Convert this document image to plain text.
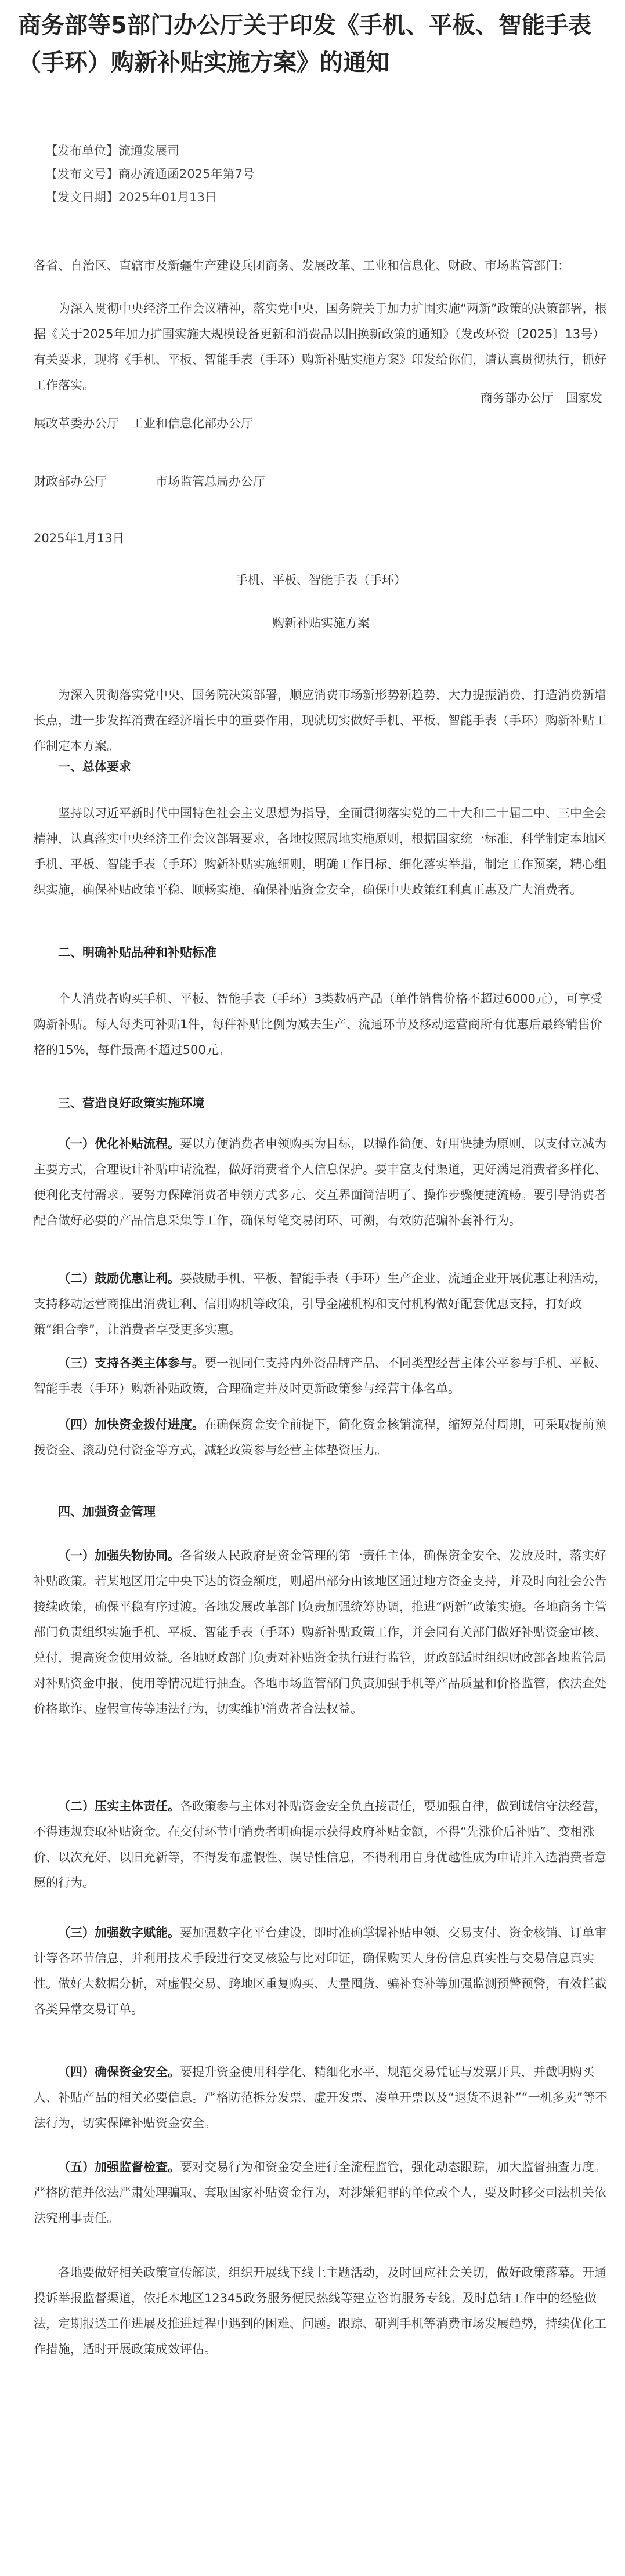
商务部等5部门办公厅关于印发《手机、平板、智能手表（手环）购新补贴实施方案》的通知
【发布单位】流通发展司
【发布文号】商办流通函2025年第7号
【发文日期】2025年01月13日

各省、自治区、直辖市及新疆生产建设兵团商务、发展改革、工业和信息化、财政、市场监管部门：

为深入贯彻中央经济工作会议精神，落实党中央、国务院关于加力扩围实施“两新”政策的决策部署，根据《关于2025年加力扩围实施大规模设备更新和消费品以旧换新政策的通知》（发改环资〔2025〕13号）有关要求，现将《手机、平板、智能手表（手环）购新补贴实施方案》印发给你们，请认真贯彻执行，抓好工作落实。

商务部办公厅　国家发

展改革委办公厅　工业和信息化部办公厅

财政部办公厅　　　　市场监管总局办公厅

2025年1月13日

手机、平板、智能手表（手环）

购新补贴实施方案

为深入贯彻落实党中央、国务院决策部署，顺应消费市场新形势新趋势，大力提振消费，打造消费新增长点，进一步发挥消费在经济增长中的重要作用，现就切实做好手机、平板、智能手表（手环）购新补贴工作制定本方案。

一、总体要求

坚持以习近平新时代中国特色社会主义思想为指导，全面贯彻落实党的二十大和二十届二中、三中全会精神，认真落实中央经济工作会议部署要求，各地按照属地实施原则，根据国家统一标准，科学制定本地区手机、平板、智能手表（手环）购新补贴实施细则，明确工作目标、细化落实举措，制定工作预案，精心组织实施，确保补贴政策平稳、顺畅实施，确保补贴资金安全，确保中央政策红利真正惠及广大消费者。

二、明确补贴品种和补贴标准

个人消费者购买手机、平板、智能手表（手环）3类数码产品（单件销售价格不超过6000元），可享受购新补贴。每人每类可补贴1件，每件补贴比例为减去生产、流通环节及移动运营商所有优惠后最终销售价格的15%，每件最高不超过500元。

三、营造良好政策实施环境

（一）优化补贴流程。要以方便消费者申领购买为目标，以操作简便、好用快捷为原则，以支付立减为主要方式，合理设计补贴申请流程，做好消费者个人信息保护。要丰富支付渠道，更好满足消费者多样化、便利化支付需求。要努力保障消费者申领方式多元、交互界面简洁明了、操作步骤便捷流畅。要引导消费者配合做好必要的产品信息采集等工作，确保每笔交易闭环、可溯，有效防范骗补套补行为。

（二）鼓励优惠让利。要鼓励手机、平板、智能手表（手环）生产企业、流通企业开展优惠让利活动，支持移动运营商推出消费让利、信用购机等政策，引导金融机构和支付机构做好配套优惠支持，打好政策“组合拳”，让消费者享受更多实惠。

（三）支持各类主体参与。要一视同仁支持内外资品牌产品、不同类型经营主体公平参与手机、平板、智能手表（手环）购新补贴政策，合理确定并及时更新政策参与经营主体名单。

（四）加快资金拨付进度。在确保资金安全前提下，简化资金核销流程，缩短兑付周期，可采取提前预拨资金、滚动兑付资金等方式，减轻政策参与经营主体垫资压力。

四、加强资金管理

（一）加强失物协同。各省级人民政府是资金管理的第一责任主体，确保资金安全、发放及时，落实好补贴政策。若某地区用完中央下达的资金额度，则超出部分由该地区通过地方资金支持，并及时向社会公告接续政策，确保平稳有序过渡。各地发展改革部门负责加强统筹协调，推进“两新”政策实施。各地商务主管部门负责组织实施手机、平板、智能手表（手环）购新补贴政策工作，并会同有关部门做好补贴资金审核、兑付，提高资金使用效益。各地财政部门负责对补贴资金执行进行监管，财政部适时组织财政部各地监管局对补贴资金申报、使用等情况进行抽查。各地市场监管部门负责加强手机等产品质量和价格监管，依法查处价格欺诈、虚假宣传等违法行为，切实维护消费者合法权益。

（二）压实主体责任。各政策参与主体对补贴资金安全负直接责任，要加强自律，做到诚信守法经营，不得违规套取补贴资金。在交付环节中消费者明确提示获得政府补贴金额，不得“先涨价后补贴”、变相涨价、以次充好、以旧充新等，不得发布虚假性、误导性信息，不得利用自身优越性成为申请并入选消费者意愿的行为。

（三）加强数字赋能。要加强数字化平台建设，即时准确掌握补贴申领、交易支付、资金核销、订单审计等各环节信息，并利用技术手段进行交叉核验与比对印证，确保购买人身份信息真实性与交易信息真实性。做好大数据分析，对虚假交易、跨地区重复购买、大量囤货、骗补套补等加强监测预警预警，有效拦截各类异常交易订单。

（四）确保资金安全。要提升资金使用科学化、精细化水平，规范交易凭证与发票开具，并截明购买人、补贴产品的相关必要信息。严格防范拆分发票、虚开发票、凑单开票以及“退货不退补”“一机多卖”等不法行为，切实保障补贴资金安全。

（五）加强监督检查。要对交易行为和资金安全进行全流程监管，强化动态跟踪，加大监督抽查力度。严格防范并依法严肃处理骗取、套取国家补贴资金行为，对涉嫌犯罪的单位或个人，要及时移交司法机关依法究刑事责任。

各地要做好相关政策宣传解读，组织开展线下线上主题活动，及时回应社会关切，做好政策落幕。开通投诉举报监督渠道，依托本地区12345政务服务便民热线等建立咨询服务专线。及时总结工作中的经验做法，定期报送工作进展及推进过程中遇到的困难、问题。跟踪、研判手机等消费市场发展趋势，持续优化工作措施，适时开展政策成效评估。
